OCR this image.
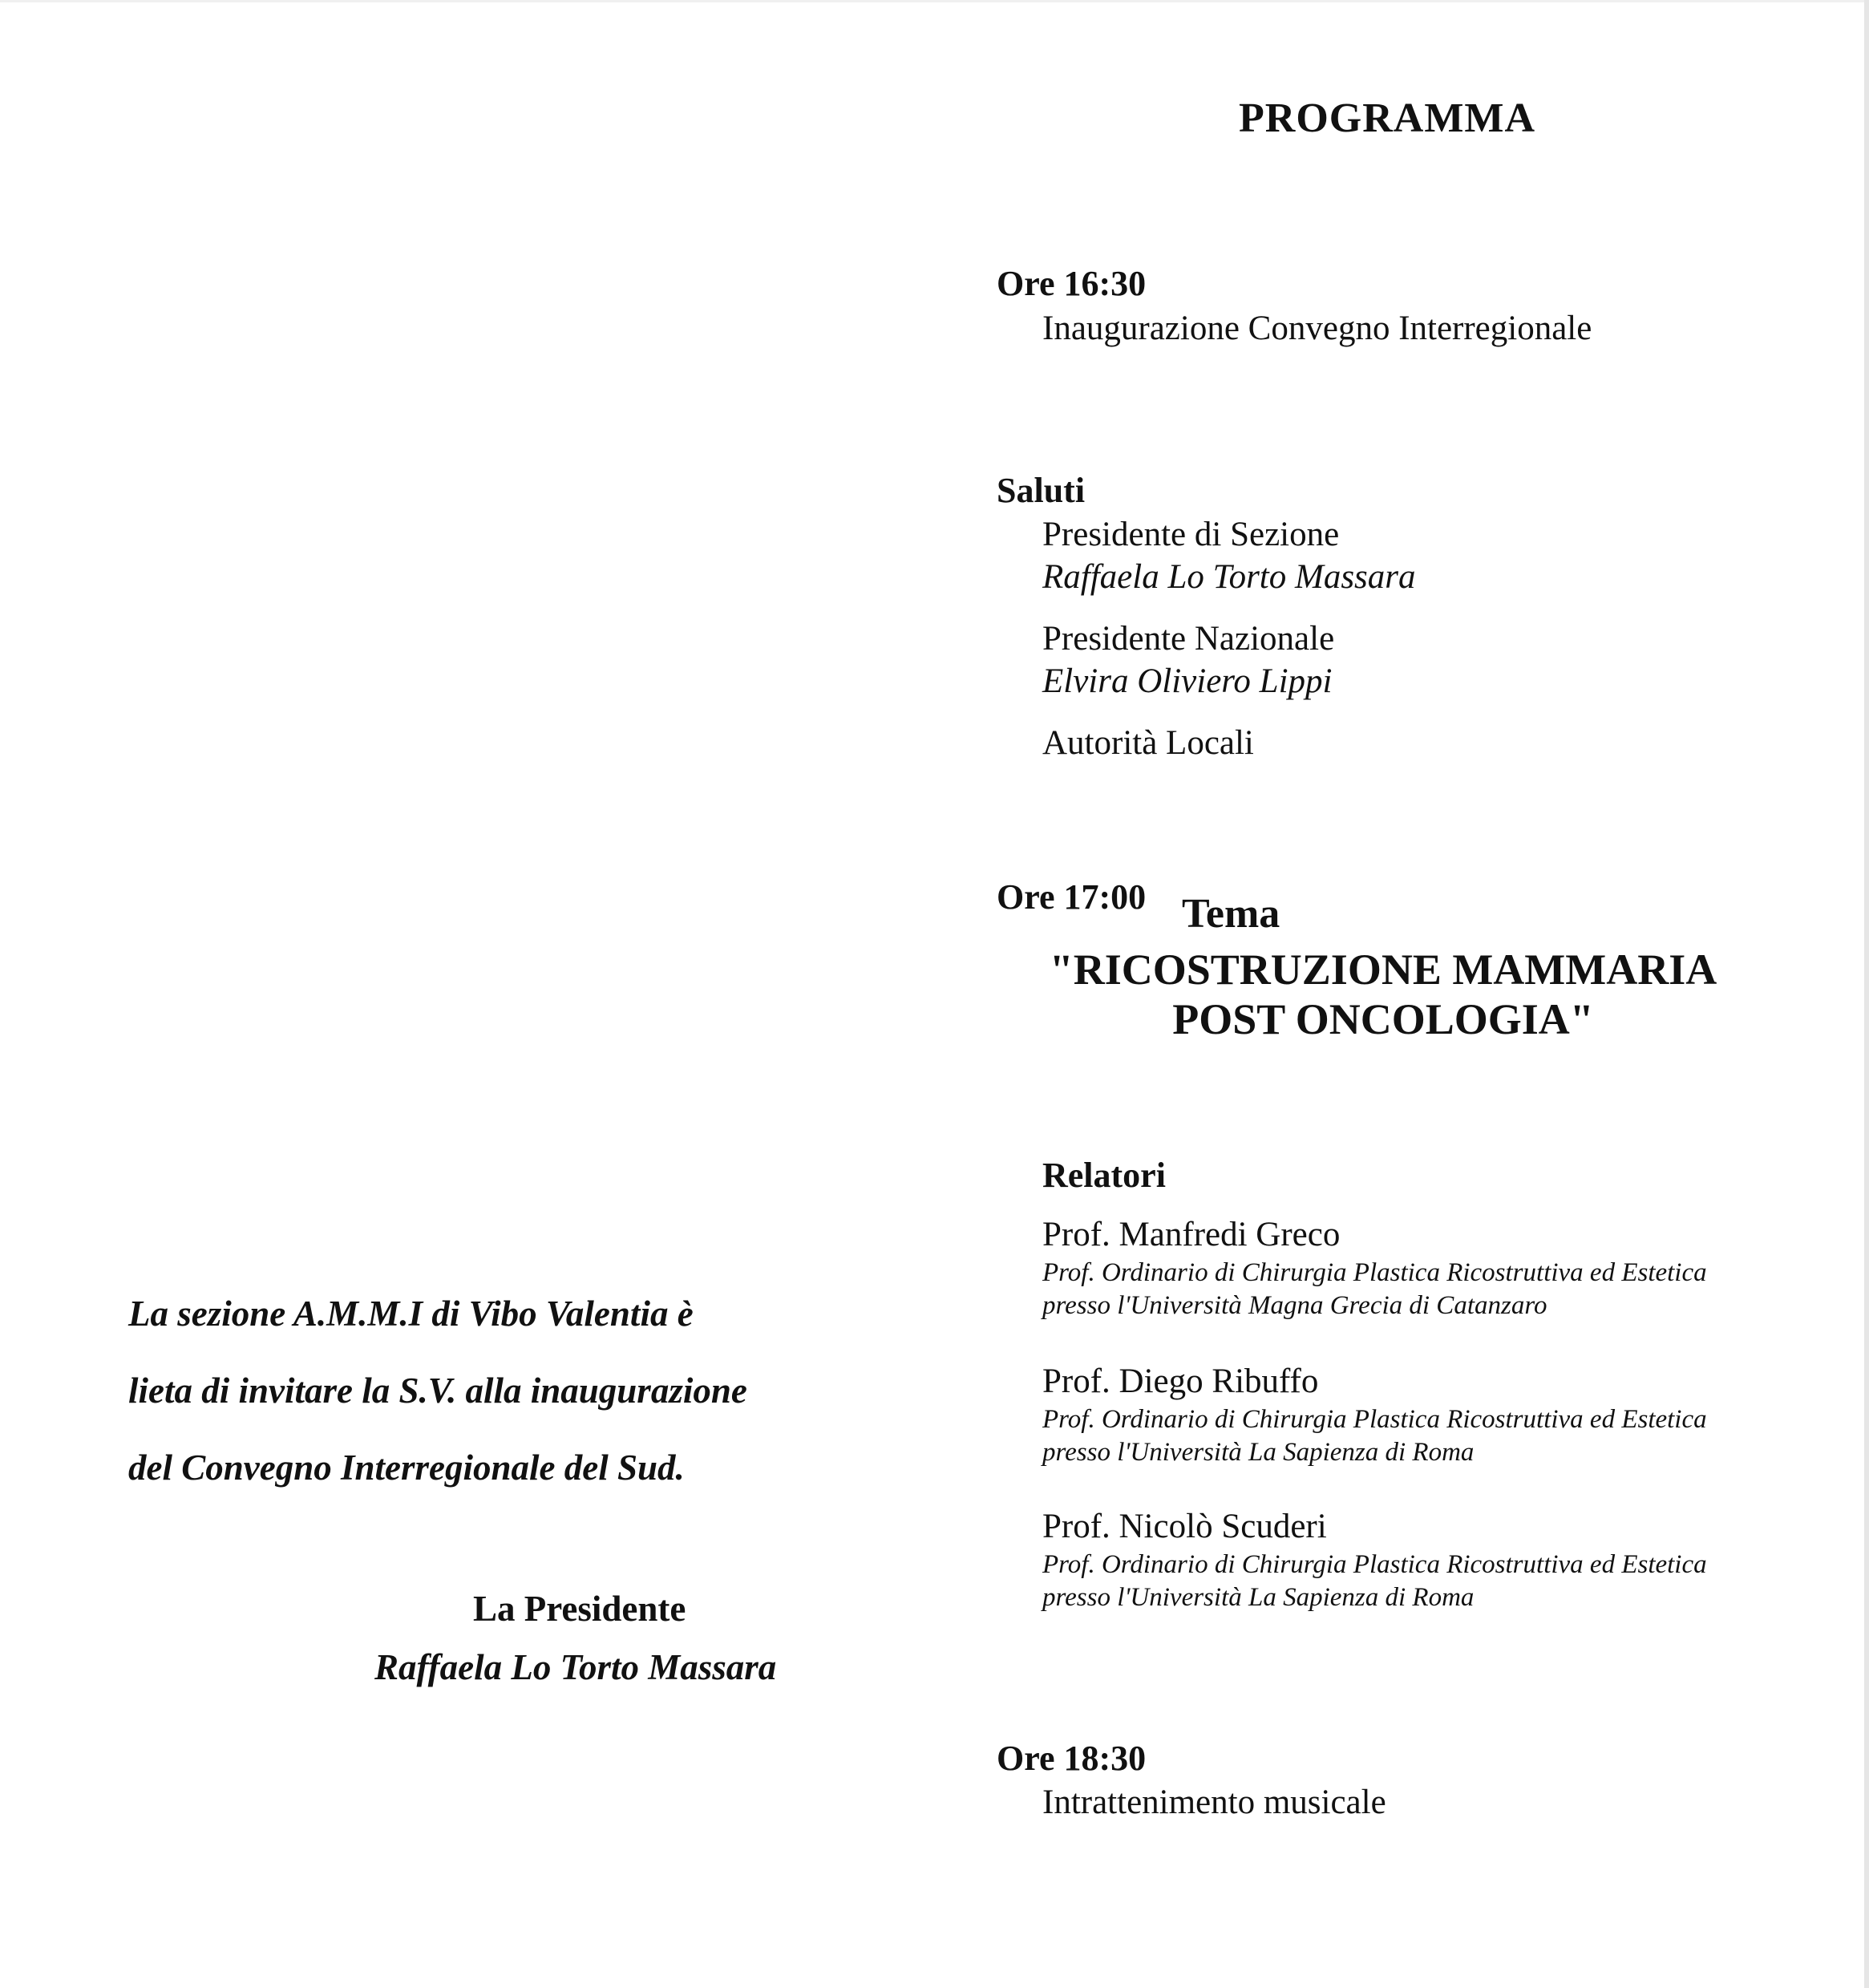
PROGRAMMA
Ore 16:30
Inaugurazione Convegno Interregionale
Saluti
Presidente di Sezione
Raffaela Lo Torto Massara
Presidente Nazionale
Elvira Oliviero Lippi
Autorità Locali
Ore 17:00 Tema
"RICOSTRUZIONE MAMMARIA
POST ONCOLOGIA"
Relatori
Prof. Manfredi Greco
Prof. Ordinario di Chirurgia Plastica Ricostruttiva ed Estetica
presso l'Università Magna Grecia di Catanzaro
Prof. Diego Ribuffo
Prof. Ordinario di Chirurgia Plastica Ricostruttiva ed Estetica
presso l'Università La Sapienza di Roma
Prof. Nicolò Scuderi
Prof. Ordinario di Chirurgia Plastica Ricostruttiva ed Estetica
presso l'Università La Sapienza di Roma
Ore 18:30
Intrattenimento musicale
La sezione A.M.M.I di Vibo Valentia è
lieta di invitare la S.V. alla inaugurazione
del Convegno Interregionale del Sud.
La Presidente
Raffaela Lo Torto Massara
